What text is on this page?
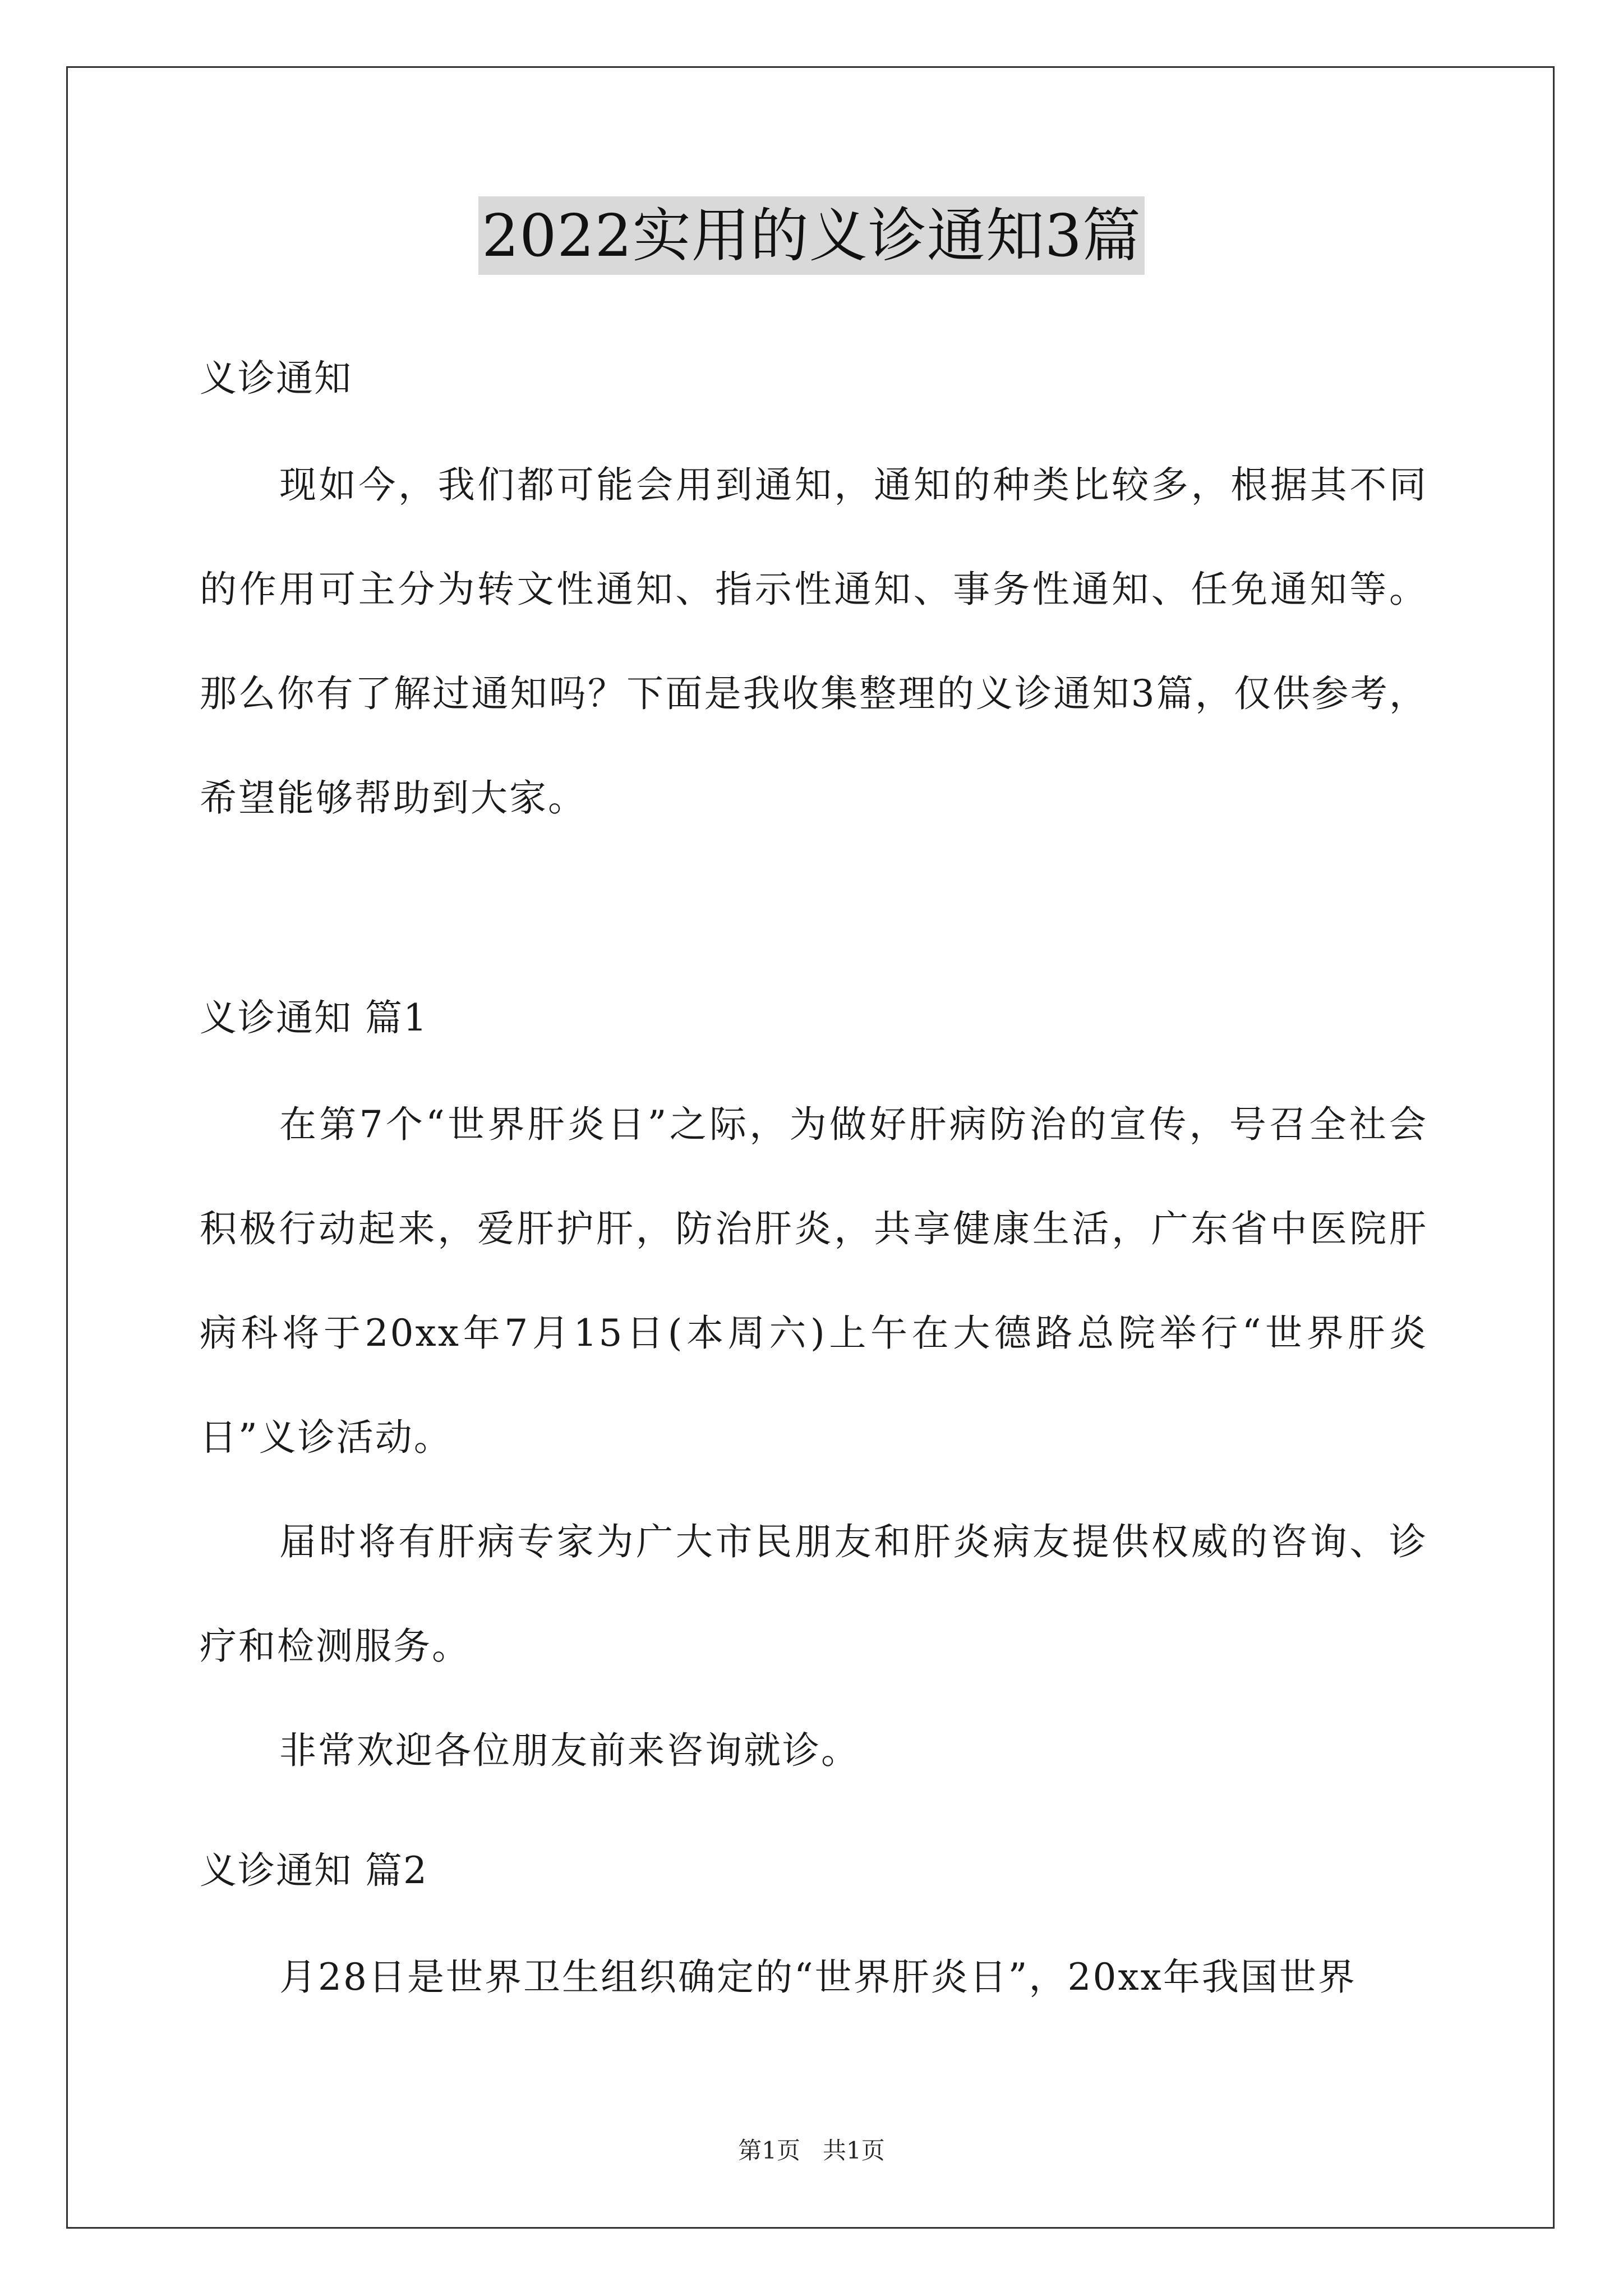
2022实用的义诊通知3篇
义诊通知
现如今，我们都可能会用到通知，通知的种类比较多，根据其不同的作用可主分为转文性通知、指示性通知、事务性通知、任免通知等。那么你有了解过通知吗？下面是我收集整理的义诊通知3篇，仅供参考，希望能够帮助到大家。
义诊通知 篇1
在第7个“世界肝炎日”之际，为做好肝病防治的宣传，号召全社会积极行动起来，爱肝护肝，防治肝炎，共享健康生活，广东省中医院肝病科将于20xx年7月15日(本周六)上午在大德路总院举行“世界肝炎日”义诊活动。
届时将有肝病专家为广大市民朋友和肝炎病友提供权威的咨询、诊疗和检测服务。
非常欢迎各位朋友前来咨询就诊。
义诊通知 篇2
月28日是世界卫生组织确定的“世界肝炎日”，20xx年我国世界
第1页 共1页
